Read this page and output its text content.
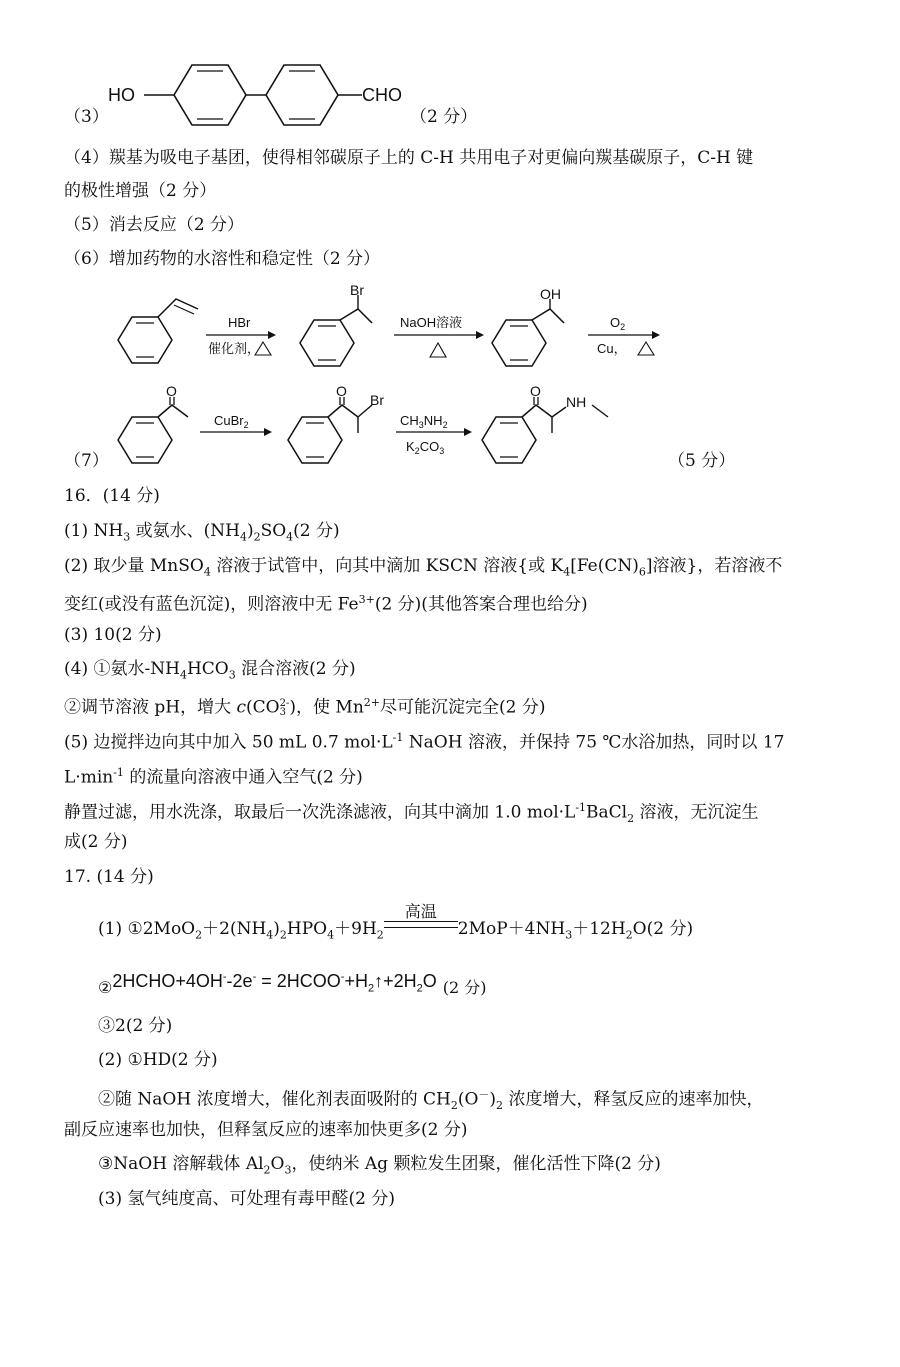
（3）
HO	CHO
（2 分）
（4）羰基为吸电子基团，使得相邻碳原子上的 C-H 共用电子对更偏向羰基碳原子，C-H 键
的极性增强（2 分）
（5）消去反应（2 分）
（6）增加药物的水溶性和稳定性（2 分）
HBr
催化剂，
Br
NaOH溶液
OH
$O_2$
Cu，
（7）
O
CuBr$_2$
O
Br
$CH_3NH_2$
$K_2CO_3$
O
NH
（5 分）
16．(14 分)
(1) $NH_3$ 或氨水、$(NH_4)_2SO_4(2$ 分)
(2) 取少量 MnSO$_4$ 溶液于试管中，向其中滴加 KSCN 溶液{或 $K_4[Fe(CN)_6]$溶液}，若溶液不
变红(或没有蓝色沉淀)，则溶液中无 $Fe^{3+}(2$ 分)(其他答案合理也给分)
(3) 10(2 分)
(4) ①氨水$-NH_4HCO_3$ 混合溶液(2 分)
②调节溶液 pH，增大 c(CO 2-
3 )，使 $Mn^{2+}$尽可能沉淀完全(2 分)
(5) 边搅拌边向其中加入 50 mL 0.7 $mol\cdot L^{-1}$ NaOH 溶液，并保持 75 ℃水浴加热，同时以 17
$L\cdot\min^{-1}$ 的流量向溶液中通入空气(2 分)
静置过滤，用水洗涤，取最后一次洗涤滤液，向其中滴加 1.0 $mol\cdot L^{-1}BaCl_2$ 溶液，无沉淀生
成(2 分)
17. (14 分)
(1) $①2MoO_2+2(NH_4)_2HPO_4+9H_2$
高温
$2MoP+4NH_3+12H_2O(2$ 分)
②2HCHO+4OH--2e- = $2HCOO^-+H_2↑+2H_2O$ (2 分)
③2(2 分)
(2) ①HD(2 分)
②随 NaOH 浓度增大，催化剂表面吸附的 $CH_2(O^-)_2$ 浓度增大，释氢反应的速率加快，
副反应速率也加快，但释氢反应的速率加快更多(2 分)
③NaOH 溶解载体 $Al_2O_3$，使纳米 Ag 颗粒发生团聚，催化活性下降(2 分)
(3) 氢气纯度高、可处理有毒甲醛(2 分)
